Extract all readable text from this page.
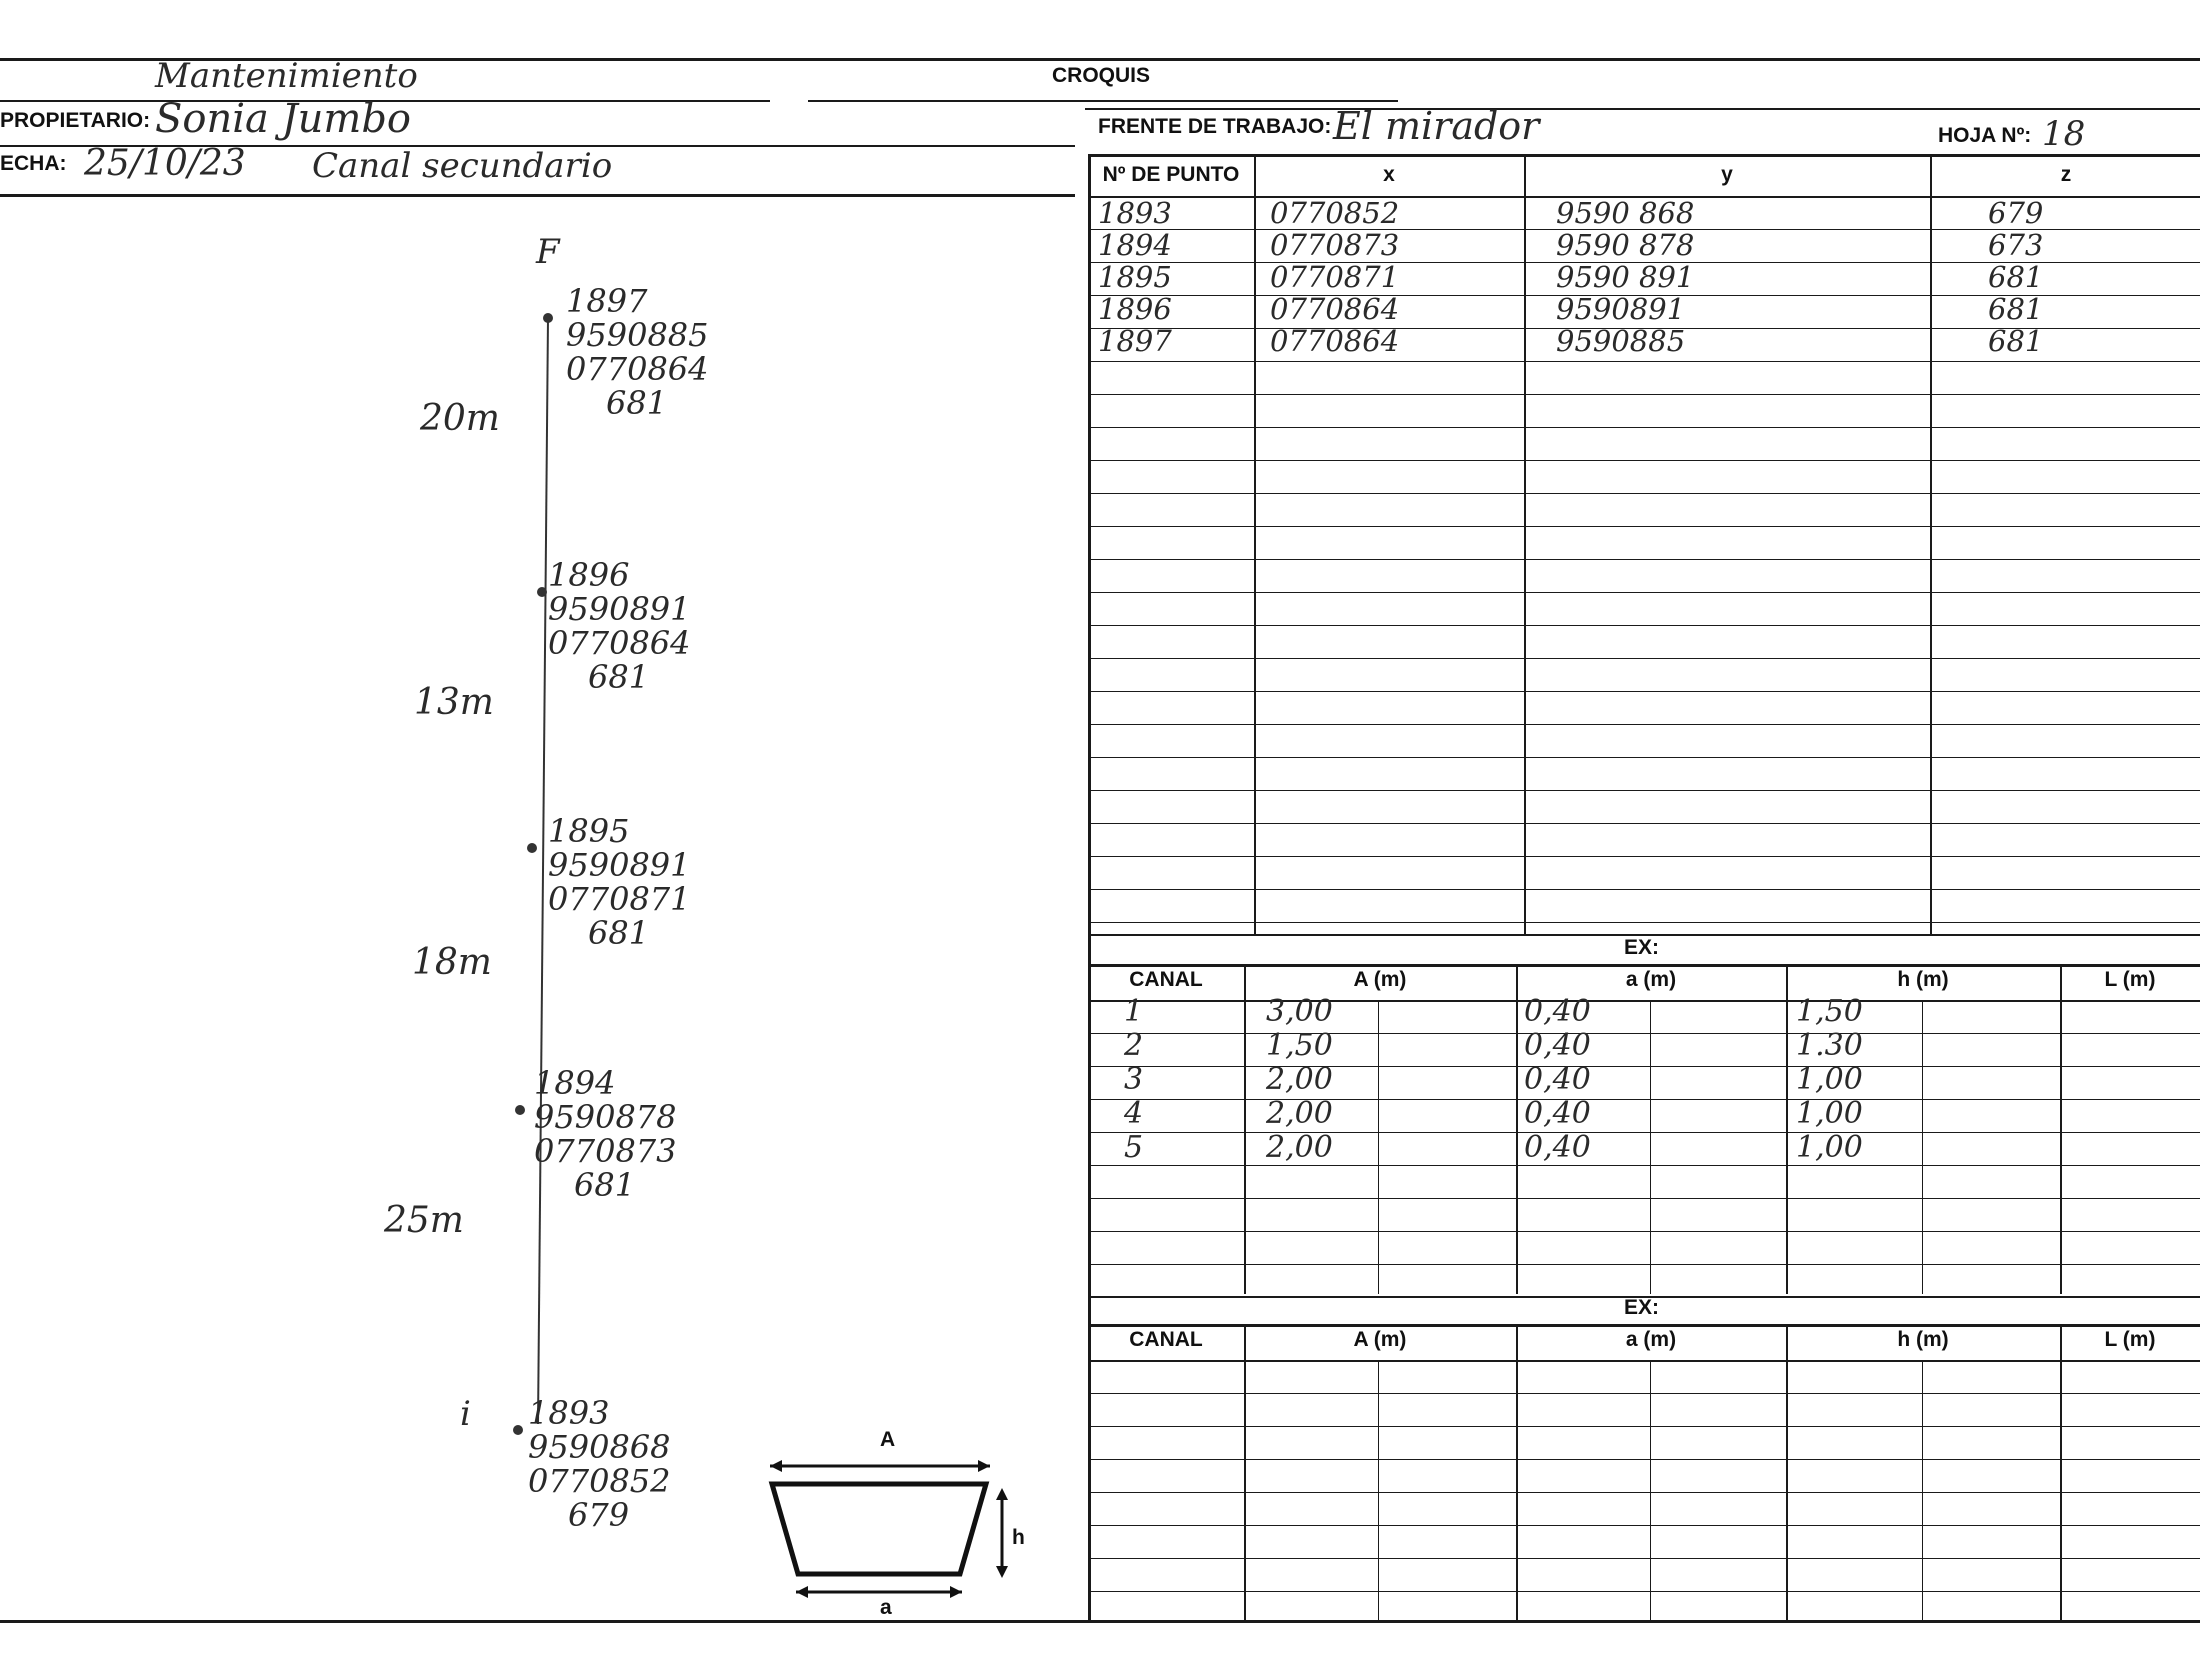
Mantenimiento	CROQUIS
PROPIETARIO: Sonia Jumbo
ECHA: 25/10/23 Canal secundario
FRENTE DE TRABAJO: El mirador	HOJA Nº: 18
Nº DE PUNTO	x	y	z
1893	0770852	9590 868	679
1894	0770873	9590 878	673
1895	0770871	9590 891	681
1896	0770864	9590891	681
1897	0770864	9590885	681
EX:
CANAL	A (m)	a (m)	h (m)	L (m)
1	3,00	0,40	1,50
2	1,50	0,40	1.30
3	2,00	0,40	1,00
4	2,00	0,40	1,00
5	2,00	0,40	1,00
EX:
CANAL	A (m)	a (m)	h (m)	L (m)
F
i
1897
9590885
0770864
681
1896
9590891
0770864
681
1895
9590891
0770871
681
1894
9590878
0770873
681
1893
9590868
0770852
679
20m
13m
18m
25m
A
a
h
